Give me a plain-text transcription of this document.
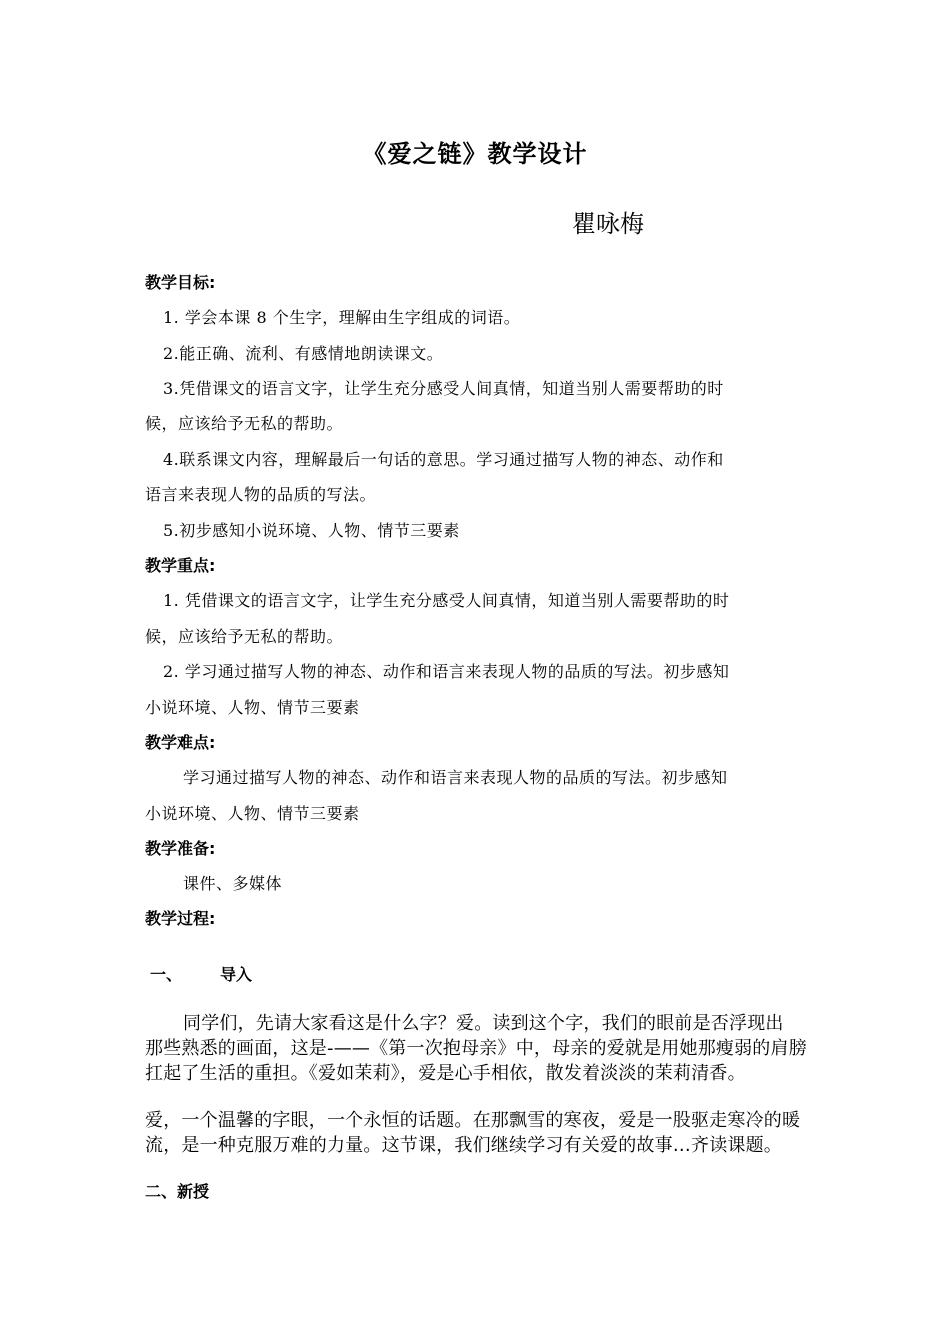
《爱之链》教学设计
瞿咏梅
教学目标:
1. 学会本课 8 个生字，理解由生字组成的词语。
2.能正确、流利、有感情地朗读课文。
3.凭借课文的语言文字，让学生充分感受人间真情，知道当别人需要帮助的时
候，应该给予无私的帮助。
4.联系课文内容，理解最后一句话的意思。学习通过描写人物的神态、动作和
语言来表现人物的品质的写法。
5.初步感知小说环境、人物、情节三要素
教学重点:
1. 凭借课文的语言文字，让学生充分感受人间真情，知道当别人需要帮助的时
候，应该给予无私的帮助。
2. 学习通过描写人物的神态、动作和语言来表现人物的品质的写法。初步感知
小说环境、人物、情节三要素
教学难点:
学习通过描写人物的神态、动作和语言来表现人物的品质的写法。初步感知
小说环境、人物、情节三要素
教学准备:
课件、多媒体
教学过程:
一、 导入
同学们，先请大家看这是什么字？爱。读到这个字，我们的眼前是否浮现出
那些熟悉的画面，这是-——《第一次抱母亲》中，母亲的爱就是用她那瘦弱的肩膀
扛起了生活的重担。《爱如茉莉》，爱是心手相依，散发着淡淡的茉莉清香。
爱，一个温馨的字眼，一个永恒的话题。在那飘雪的寒夜，爱是一股驱走寒冷的暖
流，是一种克服万难的力量。这节课，我们继续学习有关爱的故事…齐读课题。
二、新授
